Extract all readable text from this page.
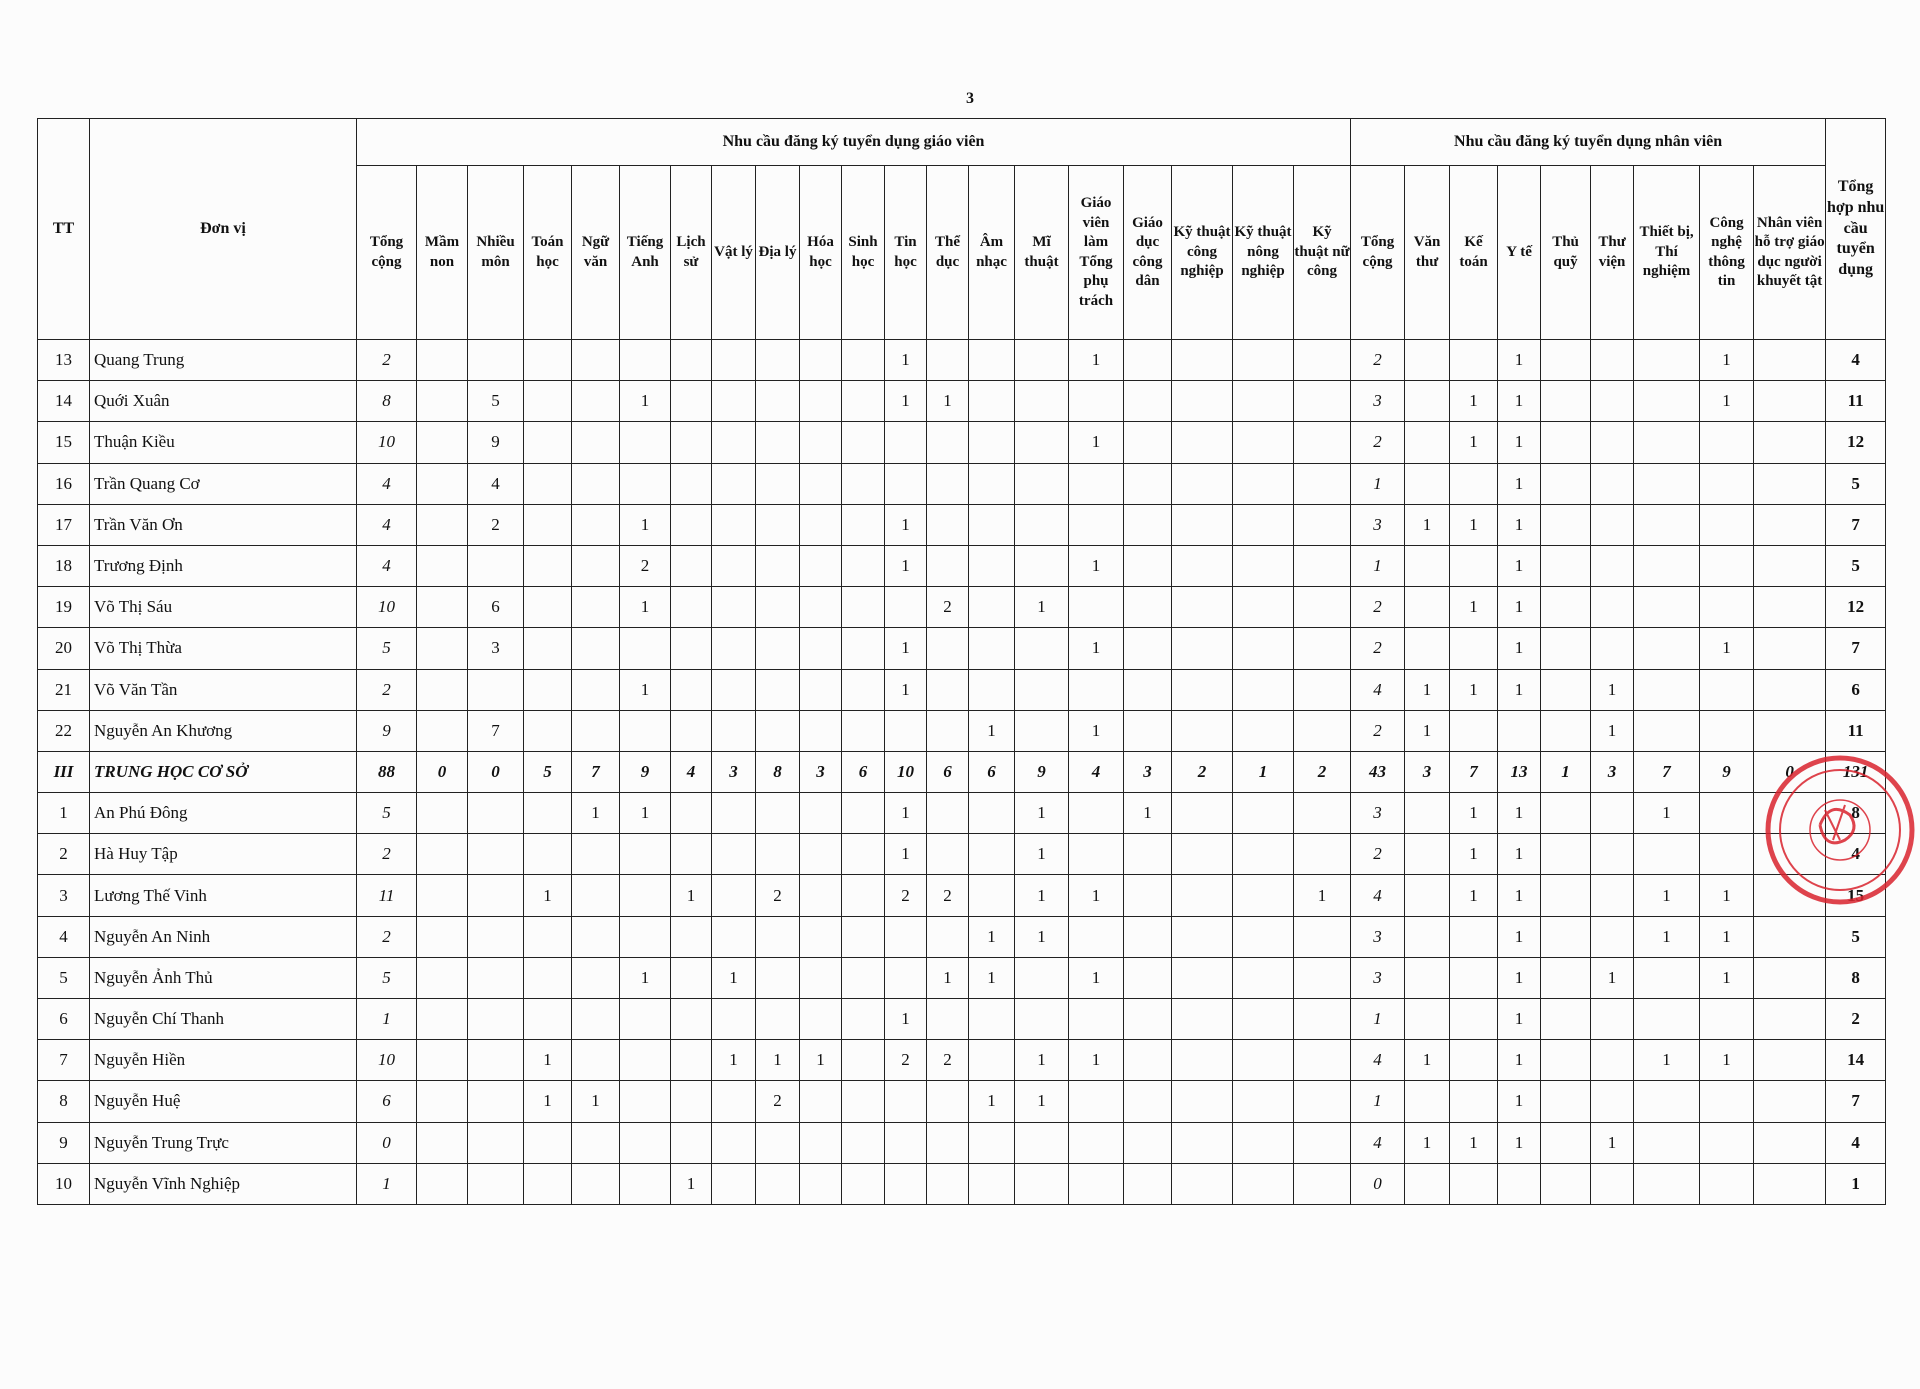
3
TT	Đơn vị	Nhu cầu đăng ký tuyển dụng giáo viên																				Nhu cầu đăng ký tuyển dụng nhân viên									Tổng hợp nhu cầu tuyển dụng
		Tổng cộng	Mầm non	Nhiều môn	Toán học	Ngữ văn	Tiếng Anh	Lịch sử	Vật lý	Địa lý	Hóa học	Sinh học	Tin học	Thể dục	Âm nhạc	Mĩ thuật	Giáo viên làm Tổng phụ trách	Giáo dục công dân	Kỹ thuật công nghiệp	Kỹ thuật nông nghiệp	Kỹ thuật nữ công	Tổng cộng	Văn thư	Kế toán	Y tế	Thủ quỹ	Thư viện	Thiết bị, Thí nghiệm	Công nghệ thông tin	Nhân viên hỗ trợ giáo dục người khuyết tật	
13	Quang Trung	2											1				1					2			1				1		4
14	Quới Xuân	8		5			1						1	1								3		1	1				1		11
15	Thuận Kiều	10		9													1					2		1	1						12
16	Trần Quang Cơ	4		4																		1			1						5
17	Trần Văn Ơn	4		2			1						1									3	1	1	1						7
18	Trương Định	4					2						1				1					1			1						5
19	Võ Thị Sáu	10		6			1							2		1						2		1	1						12
20	Võ Thị Thừa	5		3									1				1					2			1				1		7
21	Võ Văn Tần	2					1						1									4	1	1	1		1				6
22	Nguyễn An Khương	9		7											1		1					2	1				1				11
III	TRUNG HỌC CƠ SỞ	88	0	0	5	7	9	4	3	8	3	6	10	6	6	9	4	3	2	1	2	43	3	7	13	1	3	7	9	0	131
1	An Phú Đông	5				1	1						1			1		1				3		1	1			1			8
2	Hà Huy Tập	2											1			1						2		1	1						4
3	Lương Thế Vinh	11			1			1		2			2	2		1	1				1	4		1	1			1	1		15
4	Nguyễn An Ninh	2													1	1						3			1			1	1		5
5	Nguyễn Ảnh Thủ	5					1		1					1	1		1					3			1		1		1		8
6	Nguyễn Chí Thanh	1											1									1			1						2
7	Nguyễn Hiền	10			1				1	1	1		2	2		1	1					4	1		1			1	1		14
8	Nguyễn Huệ	6			1	1				2					1	1						1			1						7
9	Nguyễn Trung Trực	0																				4	1	1	1		1				4
10	Nguyễn Vĩnh Nghiệp	1						1														0									1
